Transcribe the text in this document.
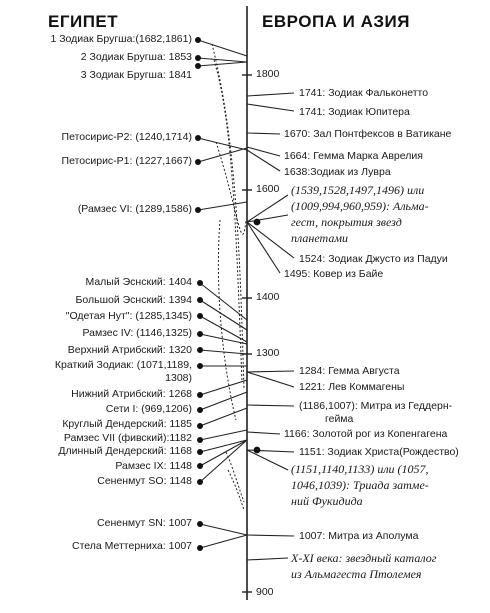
ЕГИПЕТ	ЕВРОПА И АЗИЯ
1800
1600
1400
1300
900
1 Зодиак Бругша:(1682,1861)
2 Зодиак Бругша: 1853
3 Зодиак Бругша: 1841
Петосирис-Р2: (1240,1714)
Петосирис-Р1: (1227,1667)
(Рамзес VI: (1289,1586)
Малый Эснский: 1404
Большой Эснский: 1394
"Одетая Нут": (1285,1345)
Рамзес IV: (1146,1325)
Верхний Атрибский: 1320
Краткий Зодиак: (1071,1189,
1308)
Нижний Атрибский: 1268
Сети I: (969,1206)
Круглый Дендерский: 1185
Рамзес VII (фивский):1182
Длинный Дендерский: 1168
Рамзес IX: 1148
Сененмут SO: 1148
Сененмут SN: 1007
Стела Меттерниха: 1007
1741: Зодиак Фальконетто
1741: Зодиак Юпитера
1670: Зал Понтфексов в Ватикане
1664: Гемма Марка Аврелия
1638:Зодиак из Лувра
(1539,1528,1497,1496) или
(1009,994,960,959): Альма-
гест, покрытия звезд
планетами
1524: Зодиак Джусто из Падуи
1495: Ковер из Байе
1284: Гемма Августа
1221: Лев Коммагены
(1186,1007): Митра из Геддерн-
гейма
1166: Золотой рог из Копенгагена
1151: Зодиак Христа(Рождество)
(1151,1140,1133) или (1057,
1046,1039): Триада затме-
ний Фукидида
1007: Митра из Аполума
X-XI века: звездный каталог
из Альмагеста Птолемея
